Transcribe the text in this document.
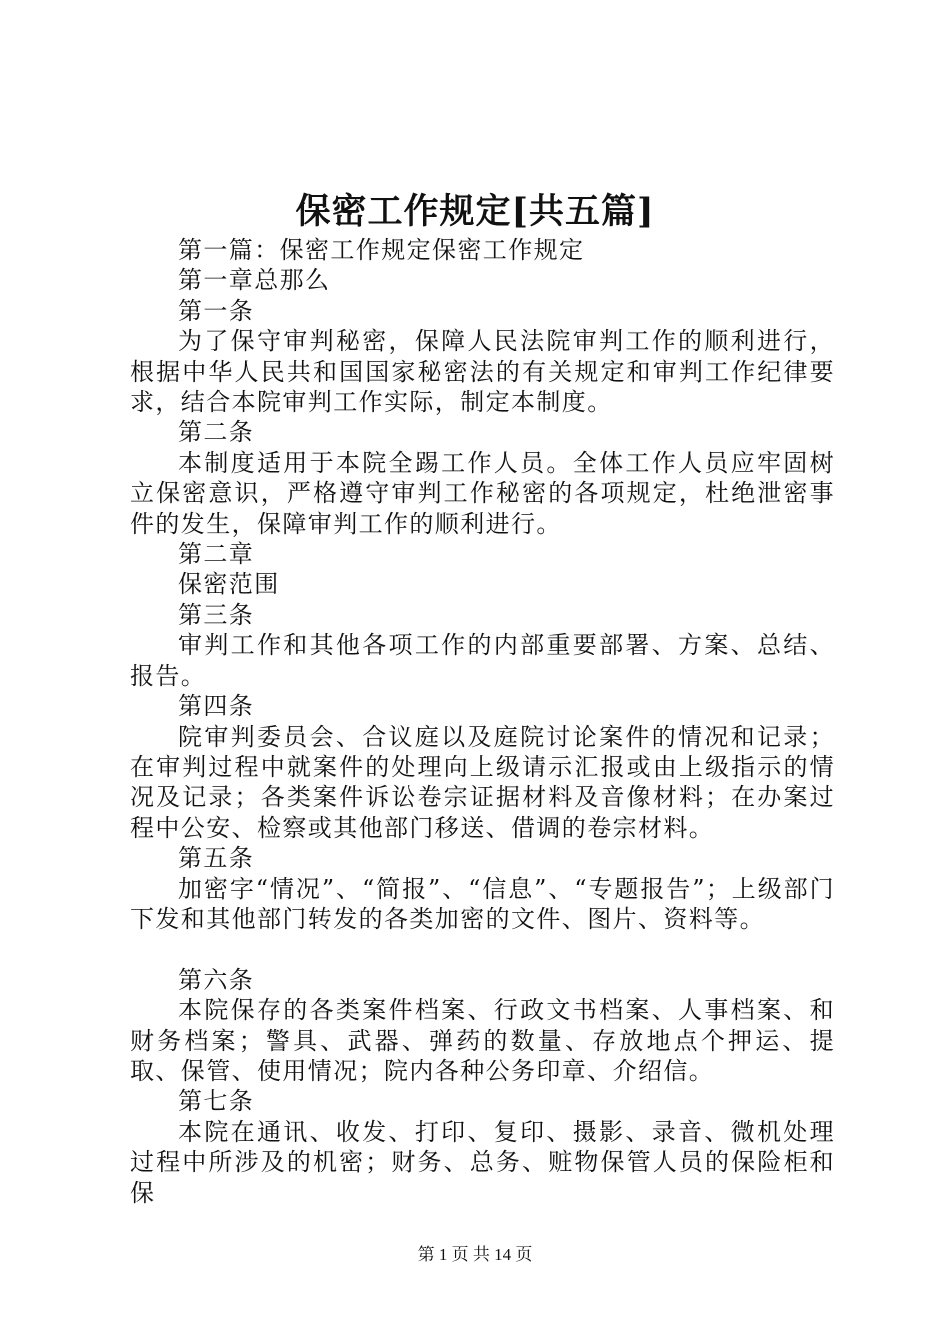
保密工作规定[共五篇]

第一篇：保密工作规定保密工作规定

第一章总那么

第一条

为了保守审判秘密，保障人民法院审判工作的顺利进行，根据中华人民共和国国家秘密法的有关规定和审判工作纪律要求，结合本院审判工作实际，制定本制度。

第二条

本制度适用于本院全踢工作人员。全体工作人员应牢固树立保密意识，严格遵守审判工作秘密的各项规定，杜绝泄密事件的发生，保障审判工作的顺利进行。

第二章

保密范围

第三条

审判工作和其他各项工作的内部重要部署、方案、总结、报告。

第四条

院审判委员会、合议庭以及庭院讨论案件的情况和记录；在审判过程中就案件的处理向上级请示汇报或由上级指示的情况及记录；各类案件诉讼卷宗证据材料及音像材料；在办案过程中公安、检察或其他部门移送、借调的卷宗材料。

第五条

加密字“情况”、“简报”、“信息”、“专题报告”；上级部门下发和其他部门转发的各类加密的文件、图片、资料等。

第六条

本院保存的各类案件档案、行政文书档案、人事档案、和财务档案；警具、武器、弹药的数量、存放地点个押运、提取、保管、使用情况；院内各种公务印章、介绍信。

第七条

本院在通讯、收发、打印、复印、摄影、录音、微机处理过程中所涉及的机密；财务、总务、赃物保管人员的保险柜和保

第 1 页 共 14 页
